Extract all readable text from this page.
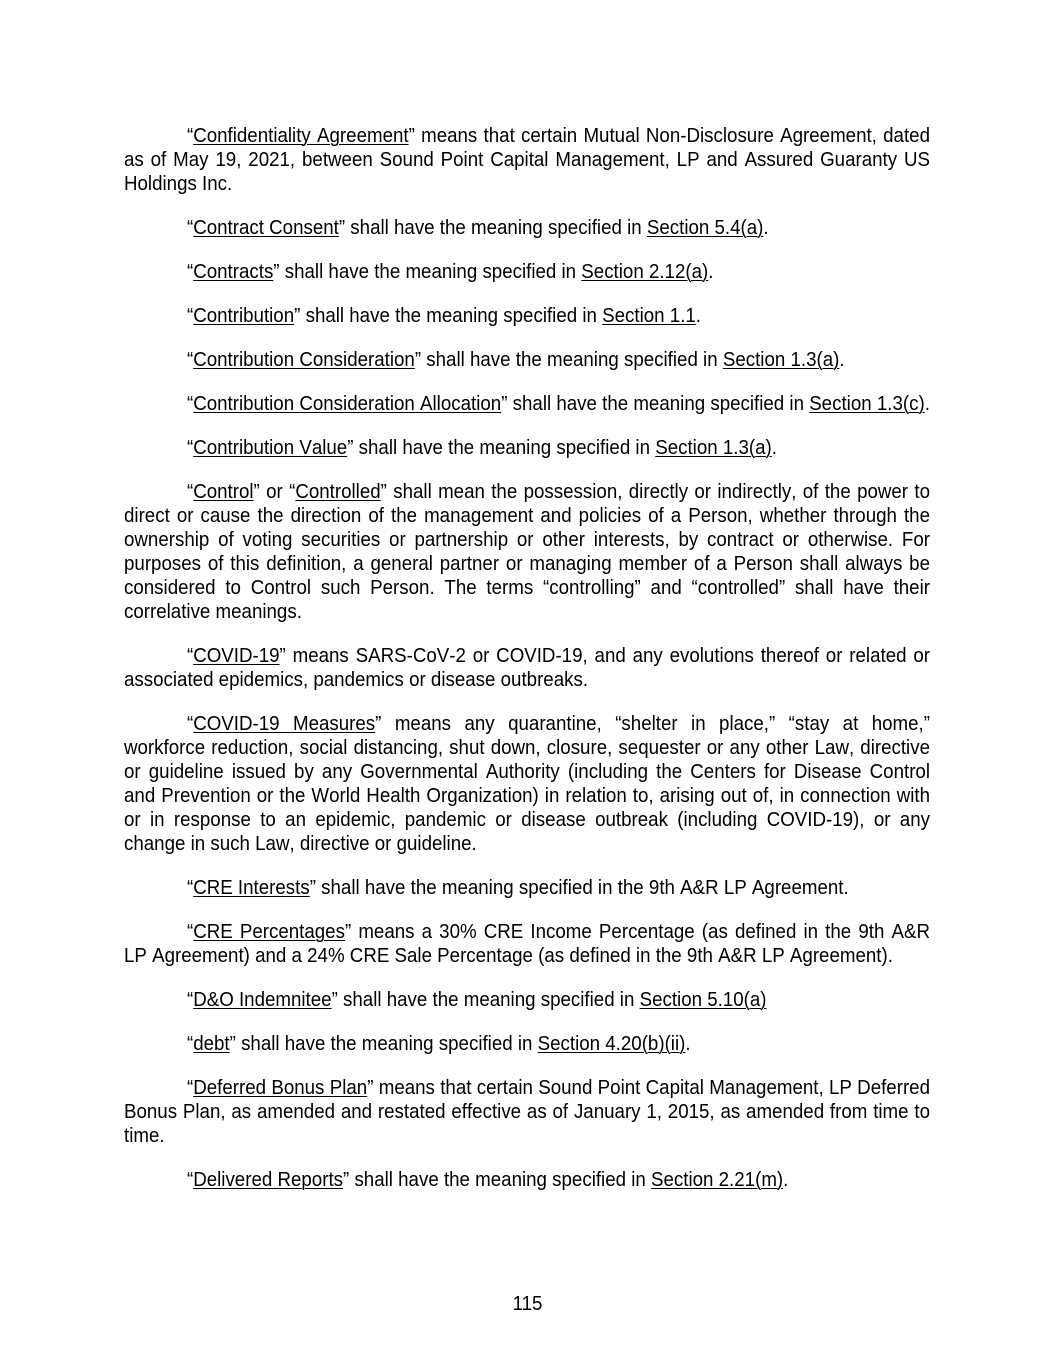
“Confidentiality Agreement” means that certain Mutual Non-Disclosure Agreement, dated as of May 19, 2021, between Sound Point Capital Management, LP and Assured Guaranty US Holdings Inc.

“Contract Consent” shall have the meaning specified in Section 5.4(a).

“Contracts” shall have the meaning specified in Section 2.12(a).

“Contribution” shall have the meaning specified in Section 1.1.

“Contribution Consideration” shall have the meaning specified in Section 1.3(a).

“Contribution Consideration Allocation” shall have the meaning specified in Section 1.3(c).

“Contribution Value” shall have the meaning specified in Section 1.3(a).

“Control” or “Controlled” shall mean the possession, directly or indirectly, of the power to direct or cause the direction of the management and policies of a Person, whether through the ownership of voting securities or partnership or other interests, by contract or otherwise. For purposes of this definition, a general partner or managing member of a Person shall always be considered to Control such Person. The terms “controlling” and “controlled” shall have their correlative meanings.

“COVID-19” means SARS-CoV-2 or COVID-19, and any evolutions thereof or related or associated epidemics, pandemics or disease outbreaks.

“COVID-19 Measures” means any quarantine, “shelter in place,” “stay at home,” workforce reduction, social distancing, shut down, closure, sequester or any other Law, directive or guideline issued by any Governmental Authority (including the Centers for Disease Control and Prevention or the World Health Organization) in relation to, arising out of, in connection with or in response to an epidemic, pandemic or disease outbreak (including COVID-19), or any change in such Law, directive or guideline.

“CRE Interests” shall have the meaning specified in the 9th A&R LP Agreement.

“CRE Percentages” means a 30% CRE Income Percentage (as defined in the 9th A&R LP Agreement) and a 24% CRE Sale Percentage (as defined in the 9th A&R LP Agreement).

“D&O Indemnitee” shall have the meaning specified in Section 5.10(a)

“debt” shall have the meaning specified in Section 4.20(b)(ii).

“Deferred Bonus Plan” means that certain Sound Point Capital Management, LP Deferred Bonus Plan, as amended and restated effective as of January 1, 2015, as amended from time to time.

“Delivered Reports” shall have the meaning specified in Section 2.21(m).

115
